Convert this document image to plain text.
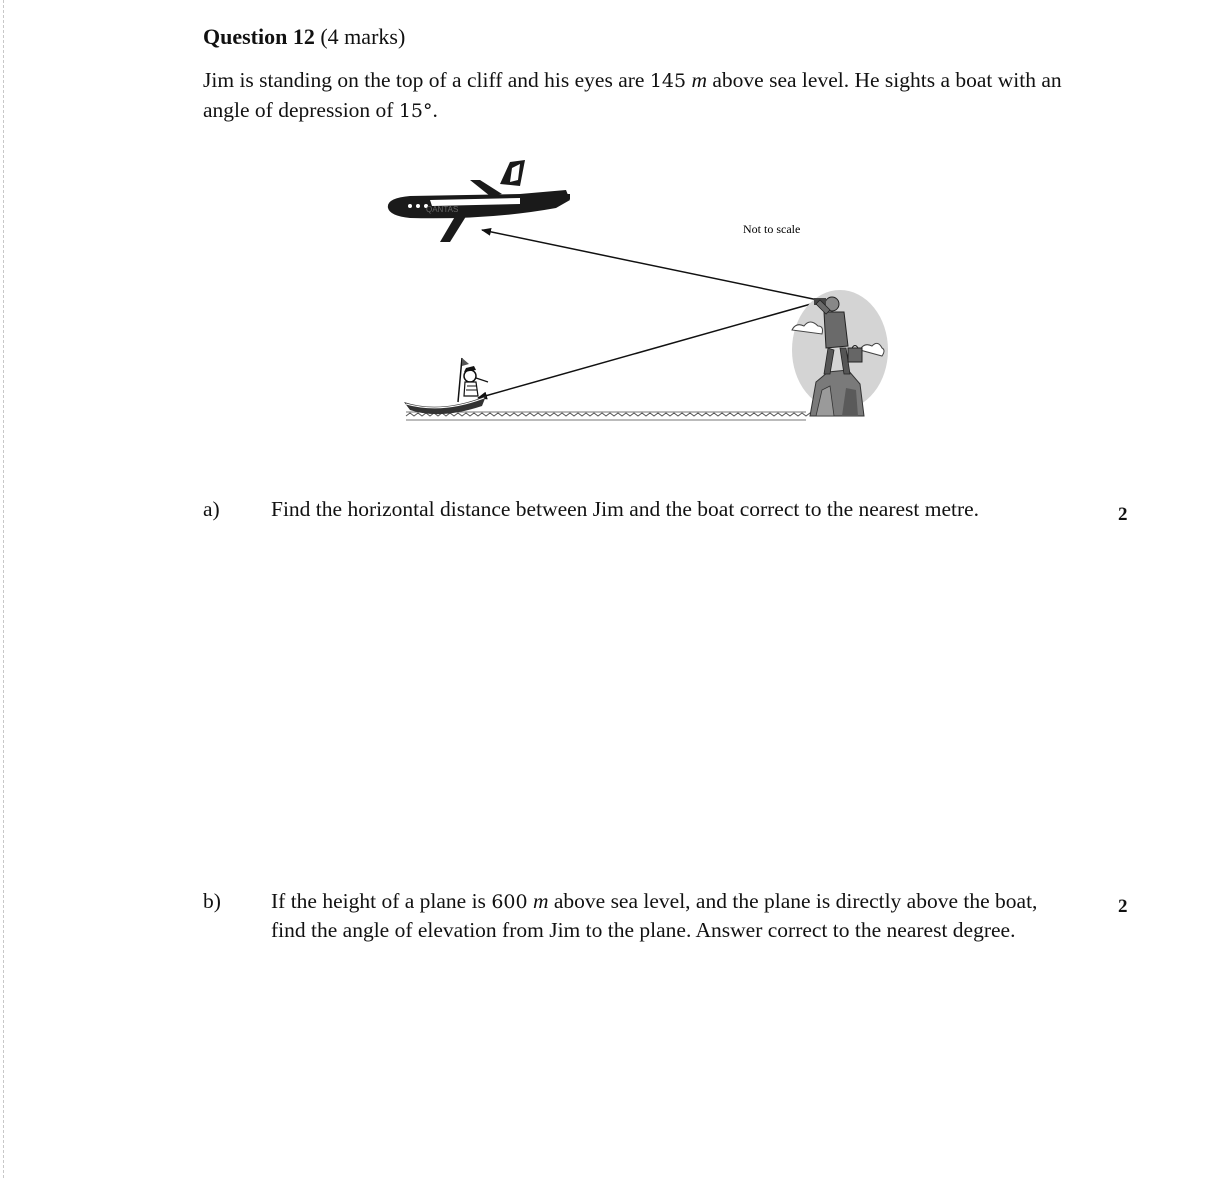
Question 12 (4 marks)
Jim is standing on the top of a cliff and his eyes are 145 m above sea level. He sights a boat with an angle of depression of 15°.
QANTAS
Not to scale
a) Find the horizontal distance between Jim and the boat correct to the nearest metre.	2
b) If the height of a plane is 600 m above sea level, and the plane is directly above the boat, find the angle of elevation from Jim to the plane. Answer correct to the nearest degree.
2
